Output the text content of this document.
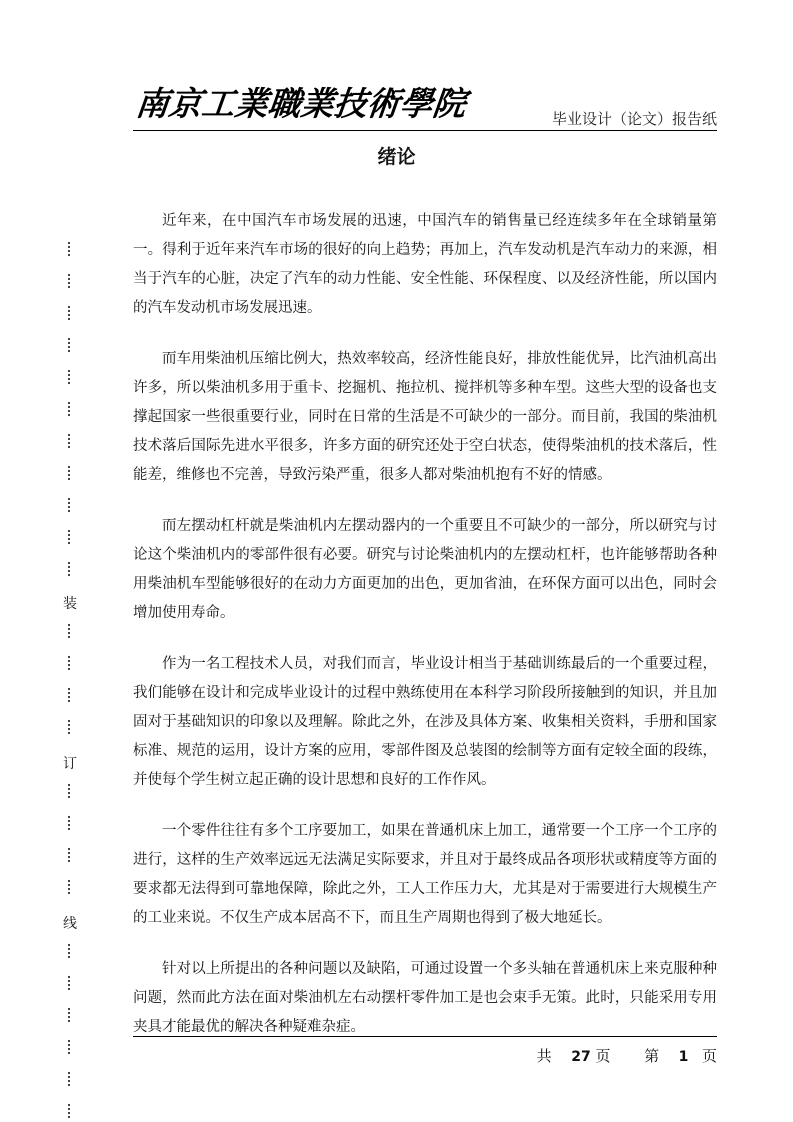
南京工業職業技術學院	毕业设计（论文）报告纸
绪论

近年来，在中国汽车市场发展的迅速，中国汽车的销售量已经连续多年在全球销量第一。得利于近年来汽车市场的很好的向上趋势；再加上，汽车发动机是汽车动力的来源，相当于汽车的心脏，决定了汽车的动力性能、安全性能、环保程度、以及经济性能，所以国内的汽车发动机市场发展迅速。

而车用柴油机压缩比例大，热效率较高，经济性能良好，排放性能优异，比汽油机高出许多，所以柴油机多用于重卡、挖掘机、拖拉机、搅拌机等多种车型。这些大型的设备也支撑起国家一些很重要行业，同时在日常的生活是不可缺少的一部分。而目前，我国的柴油机技术落后国际先进水平很多，许多方面的研究还处于空白状态，使得柴油机的技术落后，性能差，维修也不完善，导致污染严重，很多人都对柴油机抱有不好的情感。

而左摆动杠杆就是柴油机内左摆动器内的一个重要且不可缺少的一部分，所以研究与讨论这个柴油机内的零部件很有必要。研究与讨论柴油机内的左摆动杠杆，也许能够帮助各种用柴油机车型能够很好的在动力方面更加的出色，更加省油，在环保方面可以出色，同时会增加使用寿命。

作为一名工程技术人员，对我们而言，毕业设计相当于基础训练最后的一个重要过程，我们能够在设计和完成毕业设计的过程中熟练使用在本科学习阶段所接触到的知识，并且加固对于基础知识的印象以及理解。除此之外，在涉及具体方案、收集相关资料，手册和国家标准、规范的运用，设计方案的应用，零部件图及总装图的绘制等方面有定较全面的段练，并使每个学生树立起正确的设计思想和良好的工作作风。

一个零件往往有多个工序要加工，如果在普通机床上加工，通常要一个工序一个工序的进行，这样的生产效率远远无法满足实际要求，并且对于最终成品各项形状或精度等方面的要求都无法得到可靠地保障，除此之外，工人工作压力大，尤其是对于需要进行大规模生产的工业来说。不仅生产成本居高不下，而且生产周期也得到了极大地延长。

针对以上所提出的各种问题以及缺陷，可通过设置一个多头轴在普通机床上来克服种种问题，然而此方法在面对柴油机左右动摆杆零件加工是也会束手无策。此时，只能采用专用夹具才能最优的解决各种疑难杂症。

共 27 页 第 1 页
装
订
线
